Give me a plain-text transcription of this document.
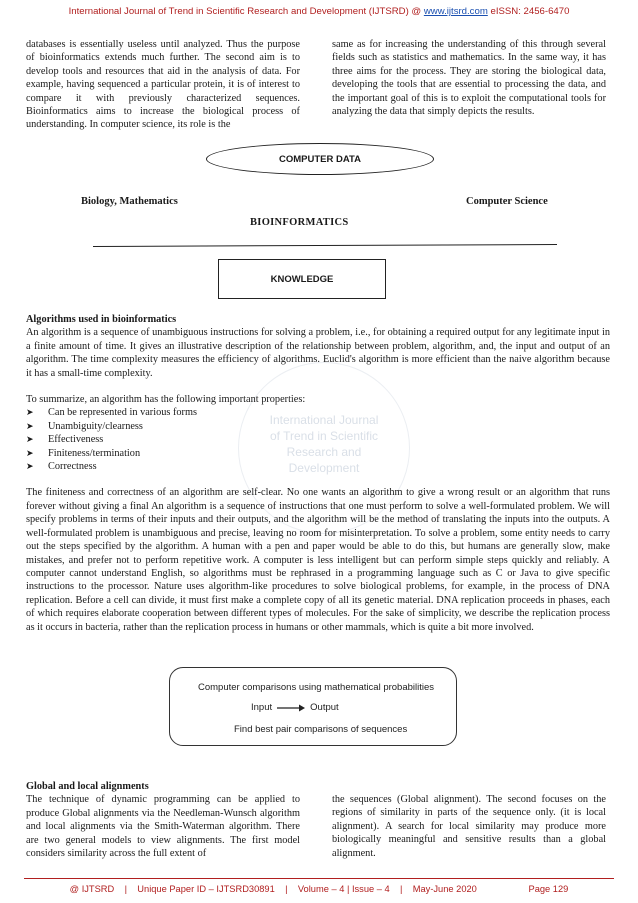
International Journal of Trend in Scientific Research and Development (IJTSRD) @ www.ijtsrd.com eISSN: 2456-6470

databases is essentially useless until analyzed. Thus the purpose of bioinformatics extends much further. The second aim is to develop tools and resources that aid in the analysis of data. For example, having sequenced a particular protein, it is of interest to compare it with previously characterized sequences. Bioinformatics aims to increase the biological process of understanding. In computer science, its role is the

same as for increasing the understanding of this through several fields such as statistics and mathematics. In the same way, it has three aims for the process. They are storing the biological data, developing the tools that are essential to processing the data, and the important goal of this is to exploit the computational tools for analyzing the data that simply depicts the results.

COMPUTER DATA
Biology, Mathematics	Computer Science
BIOINFORMATICS
KNOWLEDGE
International Journal
of Trend in Scientific
Research and
Development
Algorithms used in bioinformatics

An algorithm is a sequence of unambiguous instructions for solving a problem, i.e., for obtaining a required output for any legitimate input in a finite amount of time. It gives an illustrative description of the relationship between problem, algorithm, and, the input and output of an algorithm. The time complexity measures the efficiency of algorithms. Euclid's algorithm is more efficient than the naive algorithm because it has a small-time complexity.

To summarize, an algorithm has the following important properties:

➤ Can be represented in various forms
➤ Unambiguity/clearness
➤ Effectiveness
➤ Finiteness/termination
➤ Correctness

The finiteness and correctness of an algorithm are self-clear. No one wants an algorithm to give a wrong result or an algorithm that runs forever without giving a final An algorithm is a sequence of instructions that one must perform to solve a well-formulated problem. We will specify problems in terms of their inputs and their outputs, and the algorithm will be the method of translating the inputs into the outputs. A well-formulated problem is unambiguous and precise, leaving no room for misinterpretation. To solve a problem, some entity needs to carry out the steps specified by the algorithm. A human with a pen and paper would be able to do this, but humans are generally slow, make mistakes, and prefer not to perform repetitive work. A computer is less intelligent but can perform simple steps quickly and reliably. A computer cannot understand English, so algorithms must be rephrased in a programming language such as C or Java to give specific instructions to the processor. Nature uses algorithm-like procedures to solve biological problems, for example, in the process of DNA replication. Before a cell can divide, it must first make a complete copy of all its genetic material. DNA replication proceeds in phases, each of which requires elaborate cooperation between different types of molecules. For the sake of simplicity, we describe the replication process as it occurs in bacteria, rather than the replication process in humans or other mammals, which is quite a bit more involved.

Computer comparisons using mathematical probabilities
Input	Output
Find best pair comparisons of sequences
Global and local alignments

The technique of dynamic programming can be applied to produce Global alignments via the Needleman-Wunsch algorithm and local alignments via the Smith-Waterman algorithm. There are two general models to view alignments. The first model considers similarity across the full extent of

the sequences (Global alignment). The second focuses on the regions of similarity in parts of the sequence only. (it is local alignment). A search for local similarity may produce more biologically meaningful and sensitive results than a global alignment.

@ IJTSRD    |    Unique Paper ID – IJTSRD30891    |    Volume – 4 | Issue – 4    |    May-June 2020                    Page 129
